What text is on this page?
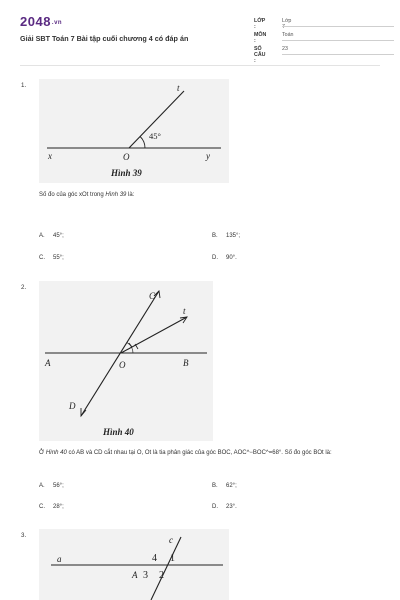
2048.vn
Giải SBT Toán 7 Bài tập cuối chương 4 có đáp án
LỚP :
Lớp 7
MÔN :
Toán
SỐ CÂU :
23
1.	t
45°
O
x	y
Hình 39
Số đo của góc xOt trong Hình 39 là:
A. 45°;	B. 135°;
C. 55°;	D. 90°.
2.
C
t
A	O	B
D
Hình 40
Ở Hình 40 có AB và CD cắt nhau tại O, Ot là tia phân giác của góc BOC, AOC^−BOC^=68°. Số đo góc BOt là:
A. 56°;	B. 62°;
C. 28°;	D. 23°.
3.	c
a	4 1
A 3 2
